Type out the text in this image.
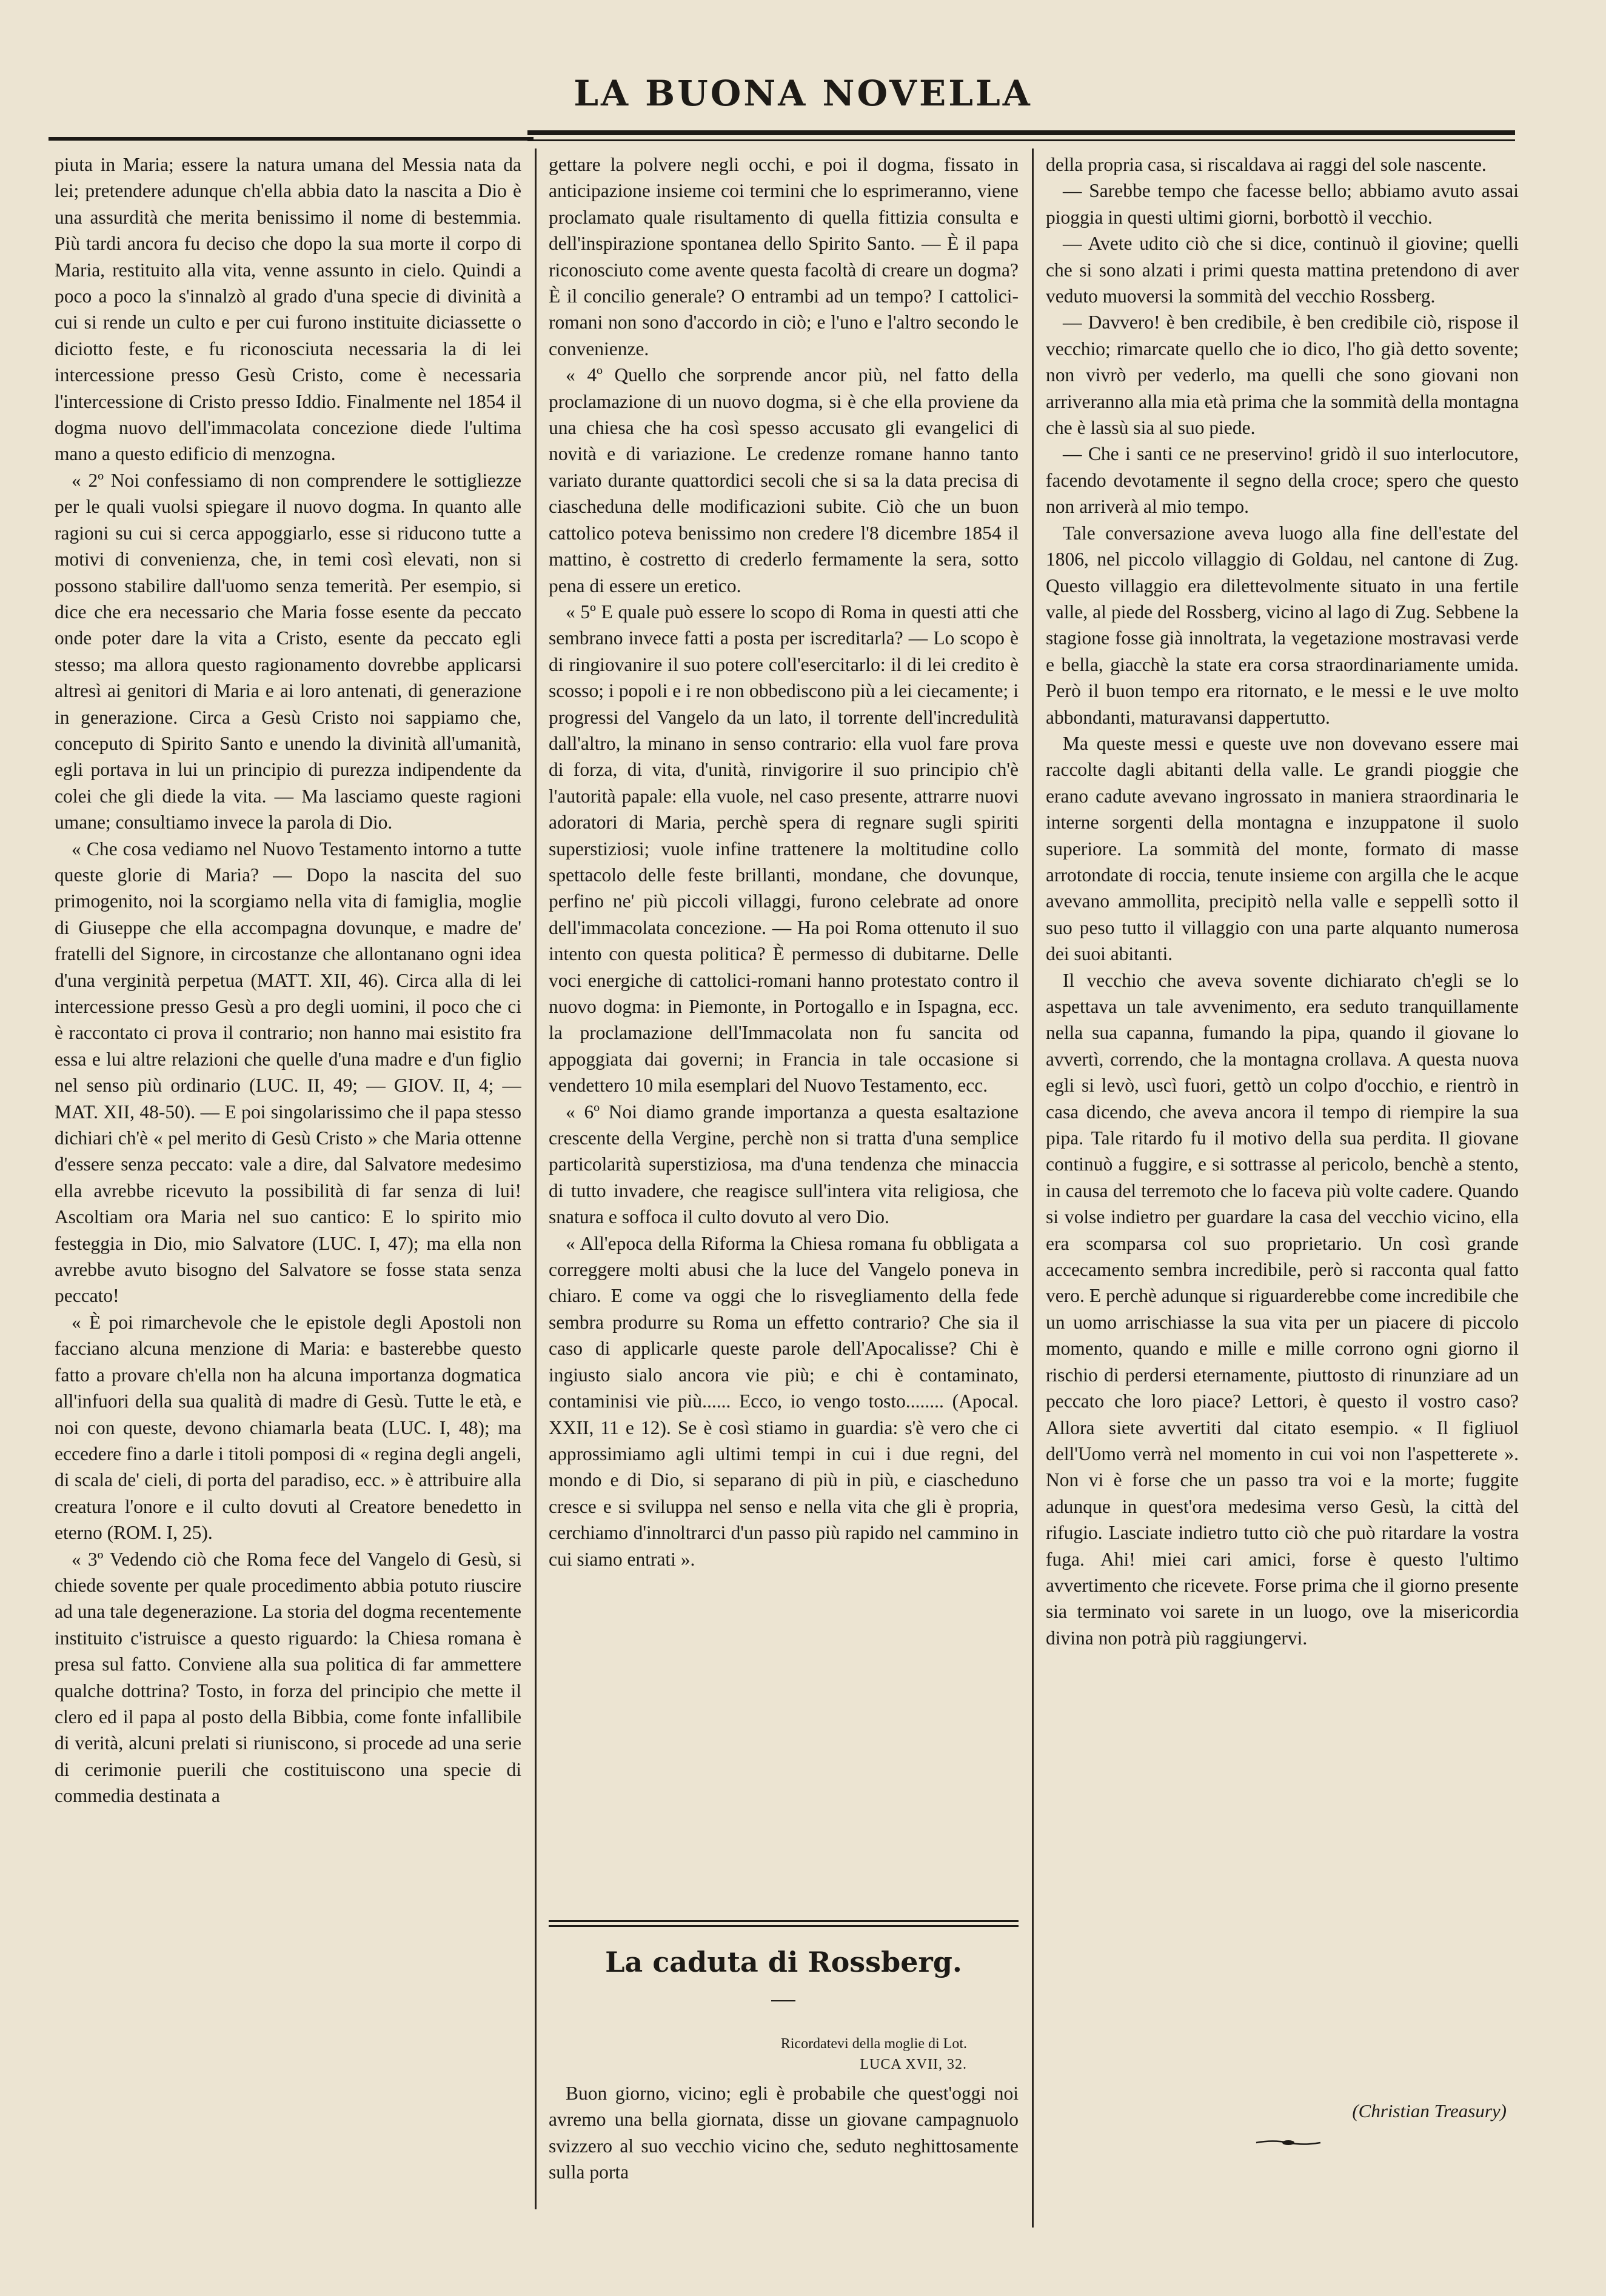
LA BUONA NOVELLA

piuta in Maria; essere la natura umana del Messia nata da lei; pretendere adunque ch'ella abbia dato la nascita a Dio è una assurdità che merita benissimo il nome di bestemmia. Più tardi ancora fu deciso che dopo la sua morte il corpo di Maria, restituito alla vita, venne assunto in cielo. Quindi a poco a poco la s'innalzò al grado d'una specie di divinità a cui si rende un culto e per cui furono instituite diciassette o diciotto feste, e fu riconosciuta necessaria la di lei intercessione presso Gesù Cristo, come è necessaria l'intercessione di Cristo presso Iddio. Finalmente nel 1854 il dogma nuovo dell'immacolata concezione diede l'ultima mano a questo edificio di menzogna.

« 2º Noi confessiamo di non comprendere le sottigliezze per le quali vuolsi spiegare il nuovo dogma. In quanto alle ragioni su cui si cerca appoggiarlo, esse si riducono tutte a motivi di convenienza, che, in temi così elevati, non si possono stabilire dall'uomo senza temerità. Per esempio, si dice che era necessario che Maria fosse esente da peccato onde poter dare la vita a Cristo, esente da peccato egli stesso; ma allora questo ragionamento dovrebbe applicarsi altresì ai genitori di Maria e ai loro antenati, di generazione in generazione. Circa a Gesù Cristo noi sappiamo che, conceputo di Spirito Santo e unendo la divinità all'umanità, egli portava in lui un principio di purezza indipendente da colei che gli diede la vita. — Ma lasciamo queste ragioni umane; consultiamo invece la parola di Dio.

« Che cosa vediamo nel Nuovo Testamento intorno a tutte queste glorie di Maria? — Dopo la nascita del suo primogenito, noi la scorgiamo nella vita di famiglia, moglie di Giuseppe che ella accompagna dovunque, e madre de' fratelli del Signore, in circostanze che allontanano ogni idea d'una verginità perpetua (MATT. XII, 46). Circa alla di lei intercessione presso Gesù a pro degli uomini, il poco che ci è raccontato ci prova il contrario; non hanno mai esistito fra essa e lui altre relazioni che quelle d'una madre e d'un figlio nel senso più ordinario (LUC. II, 49; — GIOV. II, 4; — MAT. XII, 48-50). — E poi singolarissimo che il papa stesso dichiari ch'è « pel merito di Gesù Cristo » che Maria ottenne d'essere senza peccato: vale a dire, dal Salvatore medesimo ella avrebbe ricevuto la possibilità di far senza di lui! Ascoltiam ora Maria nel suo cantico: E lo spirito mio festeggia in Dio, mio Salvatore (LUC. I, 47); ma ella non avrebbe avuto bisogno del Salvatore se fosse stata senza peccato!

« È poi rimarchevole che le epistole degli Apostoli non facciano alcuna menzione di Maria: e basterebbe questo fatto a provare ch'ella non ha alcuna importanza dogmatica all'infuori della sua qualità di madre di Gesù. Tutte le età, e noi con queste, devono chiamarla beata (LUC. I, 48); ma eccedere fino a darle i titoli pomposi di « regina degli angeli, di scala de' cieli, di porta del paradiso, ecc. » è attribuire alla creatura l'onore e il culto dovuti al Creatore benedetto in eterno (ROM. I, 25).

« 3º Vedendo ciò che Roma fece del Vangelo di Gesù, si chiede sovente per quale procedimento abbia potuto riuscire ad una tale degenerazione. La storia del dogma recentemente instituito c'istruisce a questo riguardo: la Chiesa romana è presa sul fatto. Conviene alla sua politica di far ammettere qualche dottrina? Tosto, in forza del principio che mette il clero ed il papa al posto della Bibbia, come fonte infallibile di verità, alcuni prelati si riuniscono, si procede ad una serie di cerimonie puerili che costituiscono una specie di commedia destinata a

gettare la polvere negli occhi, e poi il dogma, fissato in anticipazione insieme coi termini che lo esprimeranno, viene proclamato quale risultamento di quella fittizia consulta e dell'inspirazione spontanea dello Spirito Santo. — È il papa riconosciuto come avente questa facoltà di creare un dogma? È il concilio generale? O entrambi ad un tempo? I cattolici-romani non sono d'accordo in ciò; e l'uno e l'altro secondo le convenienze.

« 4º Quello che sorprende ancor più, nel fatto della proclamazione di un nuovo dogma, si è che ella proviene da una chiesa che ha così spesso accusato gli evangelici di novità e di variazione. Le credenze romane hanno tanto variato durante quattordici secoli che si sa la data precisa di ciascheduna delle modificazioni subite. Ciò che un buon cattolico poteva benissimo non credere l'8 dicembre 1854 il mattino, è costretto di crederlo fermamente la sera, sotto pena di essere un eretico.

« 5º E quale può essere lo scopo di Roma in questi atti che sembrano invece fatti a posta per iscreditarla? — Lo scopo è di ringiovanire il suo potere coll'esercitarlo: il di lei credito è scosso; i popoli e i re non obbediscono più a lei ciecamente; i progressi del Vangelo da un lato, il torrente dell'incredulità dall'altro, la minano in senso contrario: ella vuol fare prova di forza, di vita, d'unità, rinvigorire il suo principio ch'è l'autorità papale: ella vuole, nel caso presente, attrarre nuovi adoratori di Maria, perchè spera di regnare sugli spiriti superstiziosi; vuole infine trattenere la moltitudine collo spettacolo delle feste brillanti, mondane, che dovunque, perfino ne' più piccoli villaggi, furono celebrate ad onore dell'immacolata concezione. — Ha poi Roma ottenuto il suo intento con questa politica? È permesso di dubitarne. Delle voci energiche di cattolici-romani hanno protestato contro il nuovo dogma: in Piemonte, in Portogallo e in Ispagna, ecc. la proclamazione dell'Immacolata non fu sancita od appoggiata dai governi; in Francia in tale occasione si vendettero 10 mila esemplari del Nuovo Testamento, ecc.

« 6º Noi diamo grande importanza a questa esaltazione crescente della Vergine, perchè non si tratta d'una semplice particolarità superstiziosa, ma d'una tendenza che minaccia di tutto invadere, che reagisce sull'intera vita religiosa, che snatura e soffoca il culto dovuto al vero Dio.

« All'epoca della Riforma la Chiesa romana fu obbligata a correggere molti abusi che la luce del Vangelo poneva in chiaro. E come va oggi che lo risvegliamento della fede sembra produrre su Roma un effetto contrario? Che sia il caso di applicarle queste parole dell'Apocalisse? Chi è ingiusto sialo ancora vie più; e chi è contaminato, contaminisi vie più...... Ecco, io vengo tosto........ (Apocal. XXII, 11 e 12). Se è così stiamo in guardia: s'è vero che ci approssimiamo agli ultimi tempi in cui i due regni, del mondo e di Dio, si separano di più in più, e ciascheduno cresce e si sviluppa nel senso e nella vita che gli è propria, cerchiamo d'innoltrarci d'un passo più rapido nel cammino in cui siamo entrati ».

La caduta di Rossberg.
Ricordatevi della moglie di Lot.
LUCA XVII, 32.

Buon giorno, vicino; egli è probabile che quest'oggi noi avremo una bella giornata, disse un giovane campagnuolo svizzero al suo vecchio vicino che, seduto neghittosamente sulla porta

della propria casa, si riscaldava ai raggi del sole nascente.

— Sarebbe tempo che facesse bello; abbiamo avuto assai pioggia in questi ultimi giorni, borbottò il vecchio.

— Avete udito ciò che si dice, continuò il giovine; quelli che si sono alzati i primi questa mattina pretendono di aver veduto muoversi la sommità del vecchio Rossberg.

— Davvero! è ben credibile, è ben credibile ciò, rispose il vecchio; rimarcate quello che io dico, l'ho già detto sovente; non vivrò per vederlo, ma quelli che sono giovani non arriveranno alla mia età prima che la sommità della montagna che è lassù sia al suo piede.

— Che i santi ce ne preservino! gridò il suo interlocutore, facendo devotamente il segno della croce; spero che questo non arriverà al mio tempo.

Tale conversazione aveva luogo alla fine dell'estate del 1806, nel piccolo villaggio di Goldau, nel cantone di Zug. Questo villaggio era dilettevolmente situato in una fertile valle, al piede del Rossberg, vicino al lago di Zug. Sebbene la stagione fosse già innoltrata, la vegetazione mostravasi verde e bella, giacchè la state era corsa straordinariamente umida. Però il buon tempo era ritornato, e le messi e le uve molto abbondanti, maturavansi dappertutto.

Ma queste messi e queste uve non dovevano essere mai raccolte dagli abitanti della valle. Le grandi pioggie che erano cadute avevano ingrossato in maniera straordinaria le interne sorgenti della montagna e inzuppatone il suolo superiore. La sommità del monte, formato di masse arrotondate di roccia, tenute insieme con argilla che le acque avevano ammollita, precipitò nella valle e seppellì sotto il suo peso tutto il villaggio con una parte alquanto numerosa dei suoi abitanti.

Il vecchio che aveva sovente dichiarato ch'egli se lo aspettava un tale avvenimento, era seduto tranquillamente nella sua capanna, fumando la pipa, quando il giovane lo avvertì, correndo, che la montagna crollava. A questa nuova egli si levò, uscì fuori, gettò un colpo d'occhio, e rientrò in casa dicendo, che aveva ancora il tempo di riempire la sua pipa. Tale ritardo fu il motivo della sua perdita. Il giovane continuò a fuggire, e si sottrasse al pericolo, benchè a stento, in causa del terremoto che lo faceva più volte cadere. Quando si volse indietro per guardare la casa del vecchio vicino, ella era scomparsa col suo proprietario. Un così grande accecamento sembra incredibile, però si racconta qual fatto vero. E perchè adunque si riguarderebbe come incredibile che un uomo arrischiasse la sua vita per un piacere di piccolo momento, quando e mille e mille corrono ogni giorno il rischio di perdersi eternamente, piuttosto di rinunziare ad un peccato che loro piace? Lettori, è questo il vostro caso? Allora siete avvertiti dal citato esempio. « Il figliuol dell'Uomo verrà nel momento in cui voi non l'aspetterete ». Non vi è forse che un passo tra voi e la morte; fuggite adunque in quest'ora medesima verso Gesù, la città del rifugio. Lasciate indietro tutto ciò che può ritardare la vostra fuga. Ahi! miei cari amici, forse è questo l'ultimo avvertimento che ricevete. Forse prima che il giorno presente sia terminato voi sarete in un luogo, ove la misericordia divina non potrà più raggiungervi.

(Christian Treasury)
